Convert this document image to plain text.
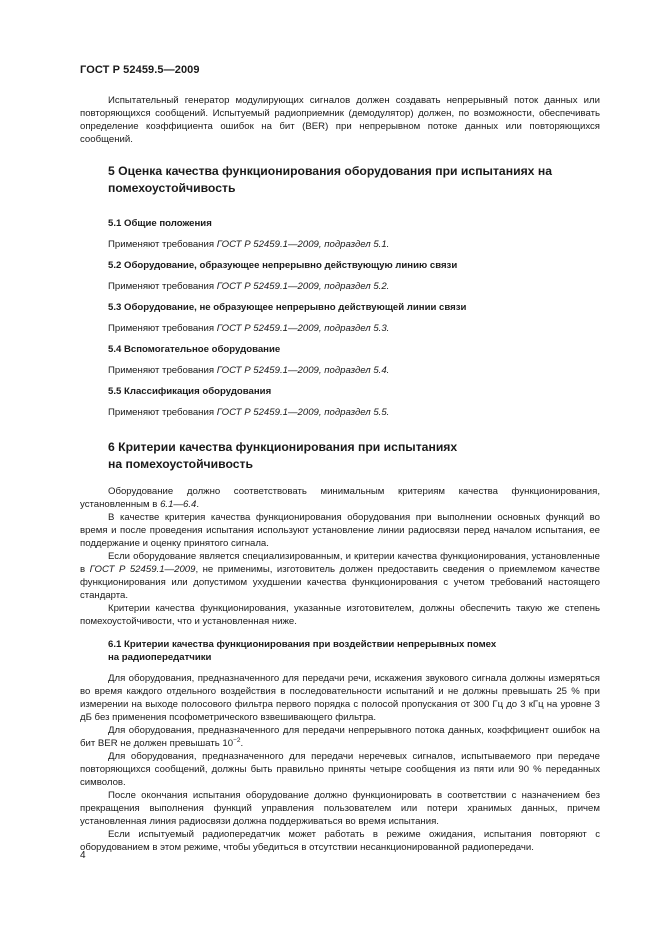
ГОСТ Р 52459.5—2009

Испытательный генератор модулирующих сигналов должен создавать непрерывный поток данных или повторяющихся сообщений. Испытуемый радиоприемник (демодулятор) должен, по возможности, обеспечивать определение коэффициента ошибок на бит (BER) при непрерывном потоке данных или повторяющихся сообщений.

5 Оценка качества функционирования оборудования при испытаниях на помехоустойчивость
5.1 Общие положения
Применяют требования ГОСТ Р 52459.1—2009, подраздел 5.1.
5.2 Оборудование, образующее непрерывно действующую линию связи
Применяют требования ГОСТ Р 52459.1—2009, подраздел 5.2.
5.3 Оборудование, не образующее непрерывно действующей линии связи
Применяют требования ГОСТ Р 52459.1—2009, подраздел 5.3.
5.4 Вспомогательное оборудование
Применяют требования ГОСТ Р 52459.1—2009, подраздел 5.4.
5.5 Классификация оборудования
Применяют требования ГОСТ Р 52459.1—2009, подраздел 5.5.
6 Критерии качества функционирования при испытаниях
на помехоустойчивость

Оборудование должно соответствовать минимальным критериям качества функционирования, установленным в 6.1—6.4.

В качестве критерия качества функционирования оборудования при выполнении основных функций во время и после проведения испытания используют установление линии радиосвязи перед началом испытания, ее поддержание и оценку принятого сигнала.

Если оборудование является специализированным, и критерии качества функционирования, установленные в ГОСТ Р 52459.1—2009, не применимы, изготовитель должен предоставить сведения о приемлемом качестве функционирования или допустимом ухудшении качества функционирования с учетом требований настоящего стандарта.

Критерии качества функционирования, указанные изготовителем, должны обеспечить такую же степень помехоустойчивости, что и установленная ниже.

6.1 Критерии качества функционирования при воздействии непрерывных помех
на радиопередатчики

Для оборудования, предназначенного для передачи речи, искажения звукового сигнала должны измеряться во время каждого отдельного воздействия в последовательности испытаний и не должны превышать 25 % при измерении на выходе полосового фильтра первого порядка с полосой пропускания от 300 Гц до 3 кГц на уровне 3 дБ без применения псофометрического взвешивающего фильтра.

Для оборудования, предназначенного для передачи непрерывного потока данных, коэффициент ошибок на бит BER не должен превышать $10^{-2}$.

Для оборудования, предназначенного для передачи неречевых сигналов, испытываемого при передаче повторяющихся сообщений, должны быть правильно приняты четыре сообщения из пяти или 90 % переданных символов.

После окончания испытания оборудование должно функционировать в соответствии с назначением без прекращения выполнения функций управления пользователем или потери хранимых данных, причем установленная линия радиосвязи должна поддерживаться во время испытания.

Если испытуемый радиопередатчик может работать в режиме ожидания, испытания повторяют с оборудованием в этом режиме, чтобы убедиться в отсутствии несанкционированной радиопередачи.

4
